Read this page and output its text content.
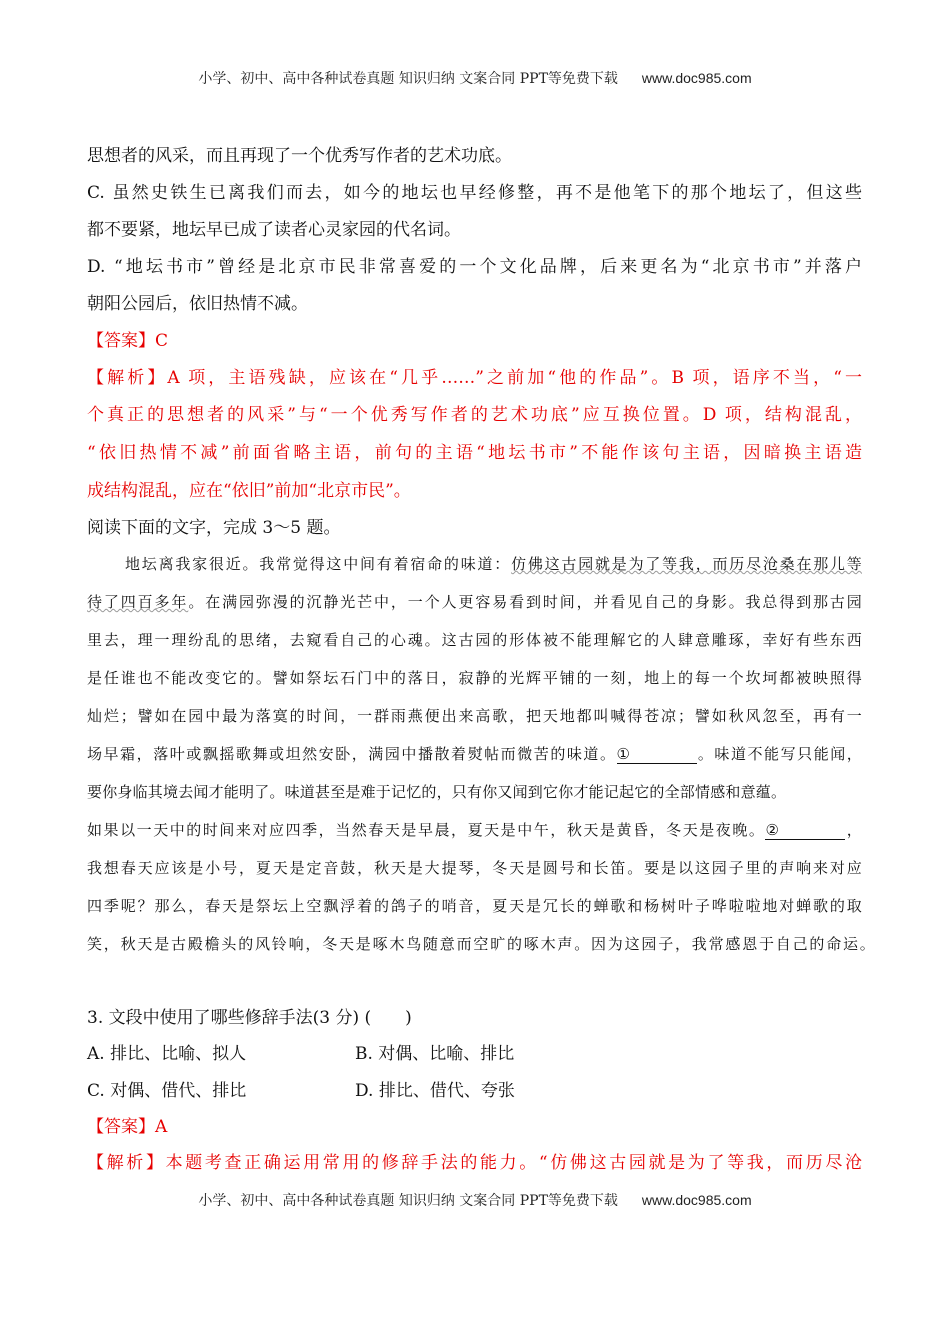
小学、初中、高中各种试卷真题 知识归纳 文案合同 PPT等免费下载 www.doc985.com
思想者的风采，而且再现了一个优秀写作者的艺术功底。
C. 虽然史铁生已离我们而去，如今的地坛也早经修整，再不是他笔下的那个地坛了，但这些
都不要紧，地坛早已成了读者心灵家园的代名词。
D. “地坛书市”曾经是北京市民非常喜爱的一个文化品牌，后来更名为“北京书市”并落户
朝阳公园后，依旧热情不减。
【答案】C
【解析】A 项，主语残缺，应该在“几乎……”之前加“他的作品”。B 项，语序不当，“一
个真正的思想者的风采”与“一个优秀写作者的艺术功底”应互换位置。D 项，结构混乱，
“依旧热情不减”前面省略主语，前句的主语“地坛书市”不能作该句主语，因暗换主语造
成结构混乱，应在“依旧”前加“北京市民”。
阅读下面的文字，完成 3～5 题。
地坛离我家很近。我常觉得这中间有着宿命的味道：仿佛这古园就是为了等我，而历尽沧桑在那儿等
待了四百多年。在满园弥漫的沉静光芒中，一个人更容易看到时间，并看见自己的身影。我总得到那古园
里去，理一理纷乱的思绪，去窥看自己的心魂。这古园的形体被不能理解它的人肆意雕琢，幸好有些东西
是任谁也不能改变它的。譬如祭坛石门中的落日，寂静的光辉平铺的一刻，地上的每一个坎坷都被映照得
灿烂；譬如在园中最为落寞的时间，一群雨燕便出来高歌，把天地都叫喊得苍凉；譬如秋风忽至，再有一
场早霜，落叶或飘摇歌舞或坦然安卧，满园中播散着熨帖而微苦的味道。①	。味道不能写只能闻，
要你身临其境去闻才能明了。味道甚至是难于记忆的，只有你又闻到它你才能记起它的全部情感和意蕴。
如果以一天中的时间来对应四季，当然春天是早晨，夏天是中午，秋天是黄昏，冬天是夜晚。②	，
我想春天应该是小号，夏天是定音鼓，秋天是大提琴，冬天是圆号和长笛。要是以这园子里的声响来对应
四季呢？那么，春天是祭坛上空飘浮着的鸽子的哨音，夏天是冗长的蝉歌和杨树叶子哗啦啦地对蝉歌的取
笑，秋天是古殿檐头的风铃响，冬天是啄木鸟随意而空旷的啄木声。因为这园子，我常感恩于自己的命运。
3. 文段中使用了哪些修辞手法(3 分) (　　)
A. 排比、比喻、拟人	B. 对偶、比喻、排比
C. 对偶、借代、排比	D. 排比、借代、夸张
【答案】A
【解析】本题考查正确运用常用的修辞手法的能力。“仿佛这古园就是为了等我，而历尽沧
小学、初中、高中各种试卷真题 知识归纳 文案合同 PPT等免费下载 www.doc985.com
